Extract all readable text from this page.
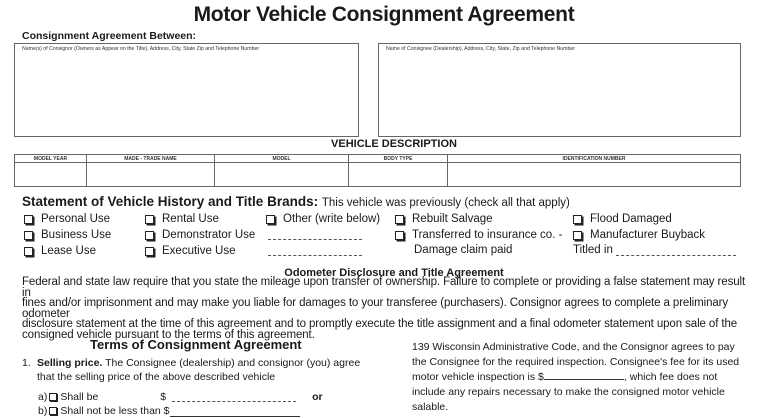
Motor Vehicle Consignment Agreement
Consignment Agreement Between:
Name(s) of Consignor (Owners as Appear on the Title), Address, City, State Zip and Telephone Number	Name of Consignee (Dealership), Address, City, State, Zip and Telephone Number
VEHICLE DESCRIPTION
MODEL YEAR	MADE - TRADE NAME	MODEL	BODY TYPE	IDENTIFICATION NUMBER

Statement of Vehicle History and Title Brands: This vehicle was previously (check all that apply)
Personal Use
Business Use
Lease Use
Rental Use
Demonstrator Use
Executive Use
Other (write below)	Rebuilt Salvage
Transferred to insurance co. -
Damage claim paid
Flood Damaged
Manufacturer Buyback
Titled in
Odometer Disclosure and Title Agreement
Federal and state law require that you state the mileage upon transfer of ownership. Failure to complete or providing a false statement may result in
fines and/or imprisonment and may make you liable for damages to your transferee (purchasers). Consignor agrees to complete a preliminary odometer
disclosure statement at the time of this agreement and to promptly execute the title assignment and a final odometer statement upon sale of the
consigned vehicle pursuant to the terms of this agreement.
Terms of Consignment Agreement
1. Selling price. The Consignee (dealership) and consignor (you) agree that the selling price of the above described vehicle
a) Shall be	$	or
b) Shall not be less than $
139 Wisconsin Administrative Code, and the Consignor agrees to pay
the Consignee for the required inspection. Consignee's fee for its used
motor vehicle inspection is $	, which fee does not
include any repairs necessary to make the consigned motor vehicle
salable.
